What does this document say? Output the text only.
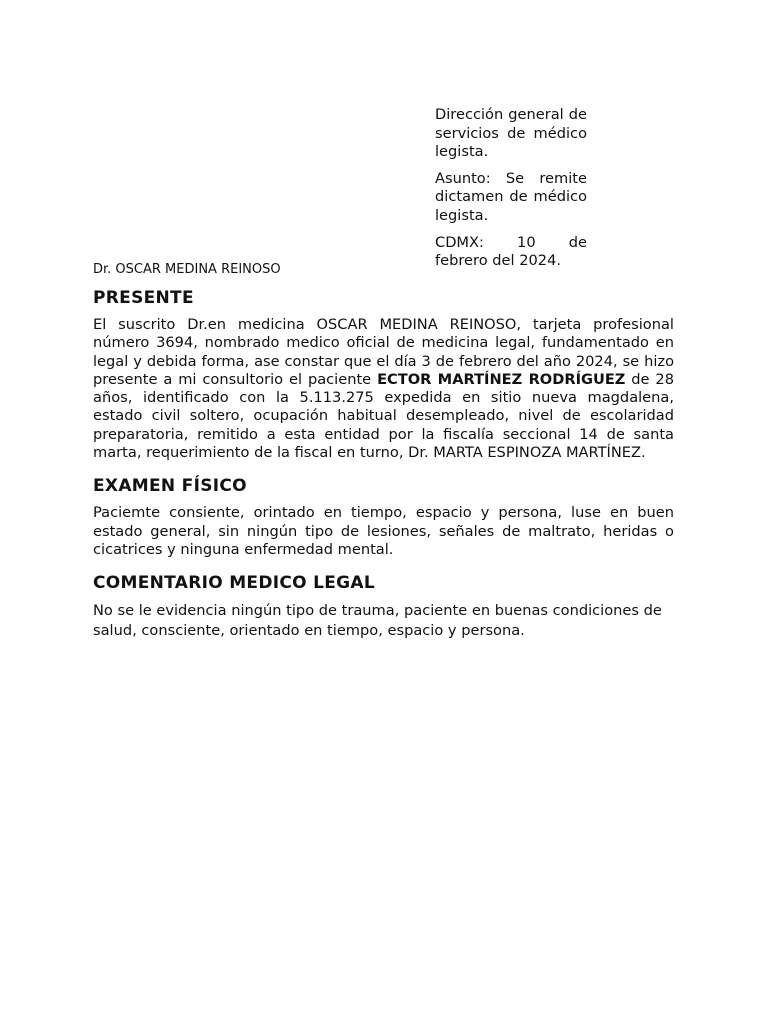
Dirección general de servicios de médico legista.

Asunto: Se remite dictamen de médico legista.

CDMX: 10 de febrero del 2024.

Dr. OSCAR MEDINA REINOSO
PRESENTE
El suscrito Dr.en medicina OSCAR MEDINA REINOSO, tarjeta profesional número 3694, nombrado medico oficial de medicina legal, fundamentado en legal y debida forma, ase constar que el día 3 de febrero del año 2024, se hizo presente a mi consultorio el paciente ECTOR MARTÍNEZ RODRÍGUEZ de 28 años, identificado con la 5.113.275 expedida en sitio nueva magdalena, estado civil soltero, ocupación habitual desempleado, nivel de escolaridad preparatoria, remitido a esta entidad por la fiscalía seccional 14 de santa marta, requerimiento de la fiscal en turno, Dr. MARTA ESPINOZA MARTÍNEZ.
EXAMEN FÍSICO
Paciemte consiente, orintado en tiempo, espacio y persona, luse en buen estado general, sin ningún tipo de lesiones, señales de maltrato, heridas o cicatrices y ninguna enfermedad mental.
COMENTARIO MEDICO LEGAL
No se le evidencia ningún tipo de trauma, paciente en buenas condiciones de salud, consciente, orientado en tiempo, espacio y persona.
